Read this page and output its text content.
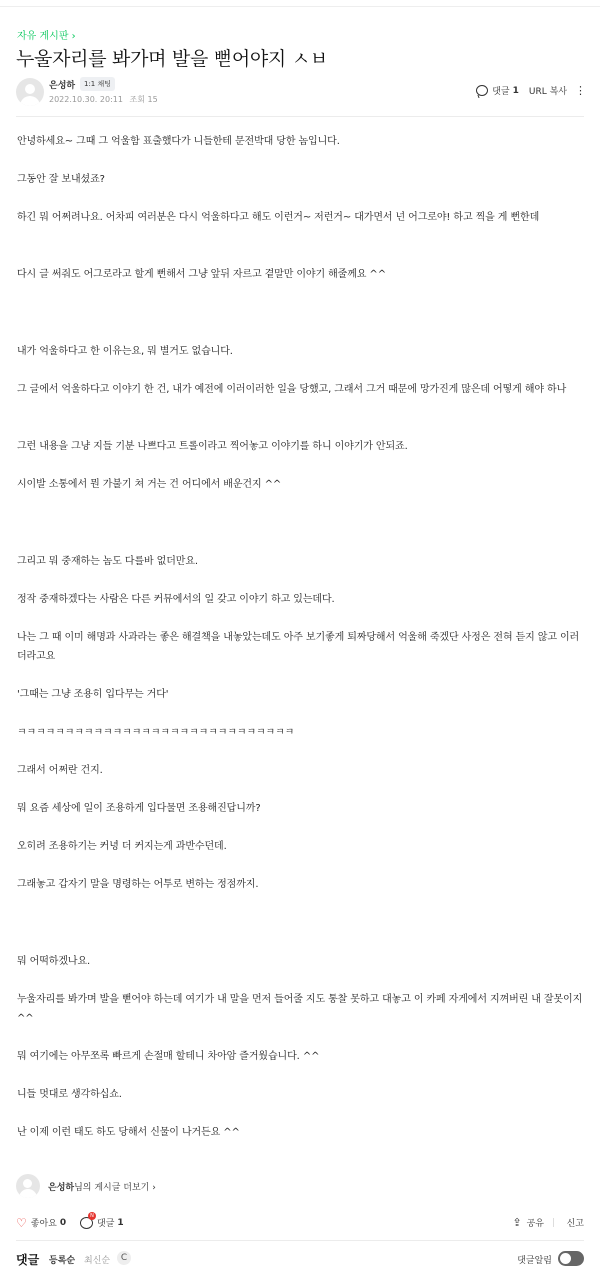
자유 게시판 ›
누울자리를 봐가며 발을 뻗어야지 ㅅㅂ
은성하	1:1 채팅
2022.10.30. 20:11 조회 15
댓글 1 URL 복사 ⋮

안녕하세요~ 그때 그 억울함 표출했다가 니들한테 문전박대 당한 놈입니다.

그동안 잘 보내셨죠?

하긴 뭐 어쩌려나요. 어차피 여러분은 다시 억울하다고 해도 이런거~ 저런거~ 대가면서 넌 어그로야! 하고 찍을 게 뻔한데

다시 글 써줘도 어그로라고 할게 뻔해서 그냥 앞뒤 자르고 곁말만 이야기 해줄께요 ^^

내가 억울하다고 한 이유는요, 뭐 별거도 없습니다.

그 글에서 억울하다고 이야기 한 건, 내가 예전에 이러이러한 일을 당했고, 그래서 그거 때문에 망가진게 많은데 어떻게 해야 하나

그런 내용을 그냥 지들 기분 나쁘다고 트롤이라고 찍어놓고 이야기를 하니 이야기가 안되죠.

시이발 소통에서 뭔 가불기 쳐 거는 건 어디에서 배운건지 ^^

그리고 뭐 중재하는 놈도 다를바 없더만요.

정작 중재하겠다는 사람은 다른 커뮤에서의 일 갖고 이야기 하고 있는데다.

나는 그 때 이미 해명과 사과라는 좋은 해결책을 내놓았는데도 아주 보기좋게 퇴짜당해서 억울해 죽겠단 사정은 전혀 듣지 않고 이러더라고요

'그때는 그냥 조용히 입다무는 거다'

ㅋㅋㅋㅋㅋㅋㅋㅋㅋㅋㅋㅋㅋㅋㅋㅋㅋㅋㅋㅋㅋㅋㅋㅋㅋㅋㅋㅋㅋ

그래서 어쩌란 건지.

뭐 요즘 세상에 일이 조용하게 입다물면 조용해진답니까?

오히려 조용하기는 커녕 더 커지는게 과반수던데.

그래놓고 갑자기 말을 명령하는 어투로 변하는 정점까지.

뭐 어떡하겠나요.

누울자리를 봐가며 발을 뻗어야 하는데 여기가 내 말을 먼저 들어줄 지도 통찰 못하고 대놓고 이 카페 자게에서 지껴버린 내 잘못이지 ^^

뭐 여기에는 아무쪼록 빠르게 손절매 할테니 차아암 즐거웠습니다. ^^

니들 멋대로 생각하십쇼.

난 이제 이런 태도 하도 당해서 신물이 나거든요 ^^

은성하님의 게시글 더보기 ›
♡ 좋아요 0
N
댓글 1	⇪ 공유	신고
댓글 등록순 최신순	C	댓글알림
